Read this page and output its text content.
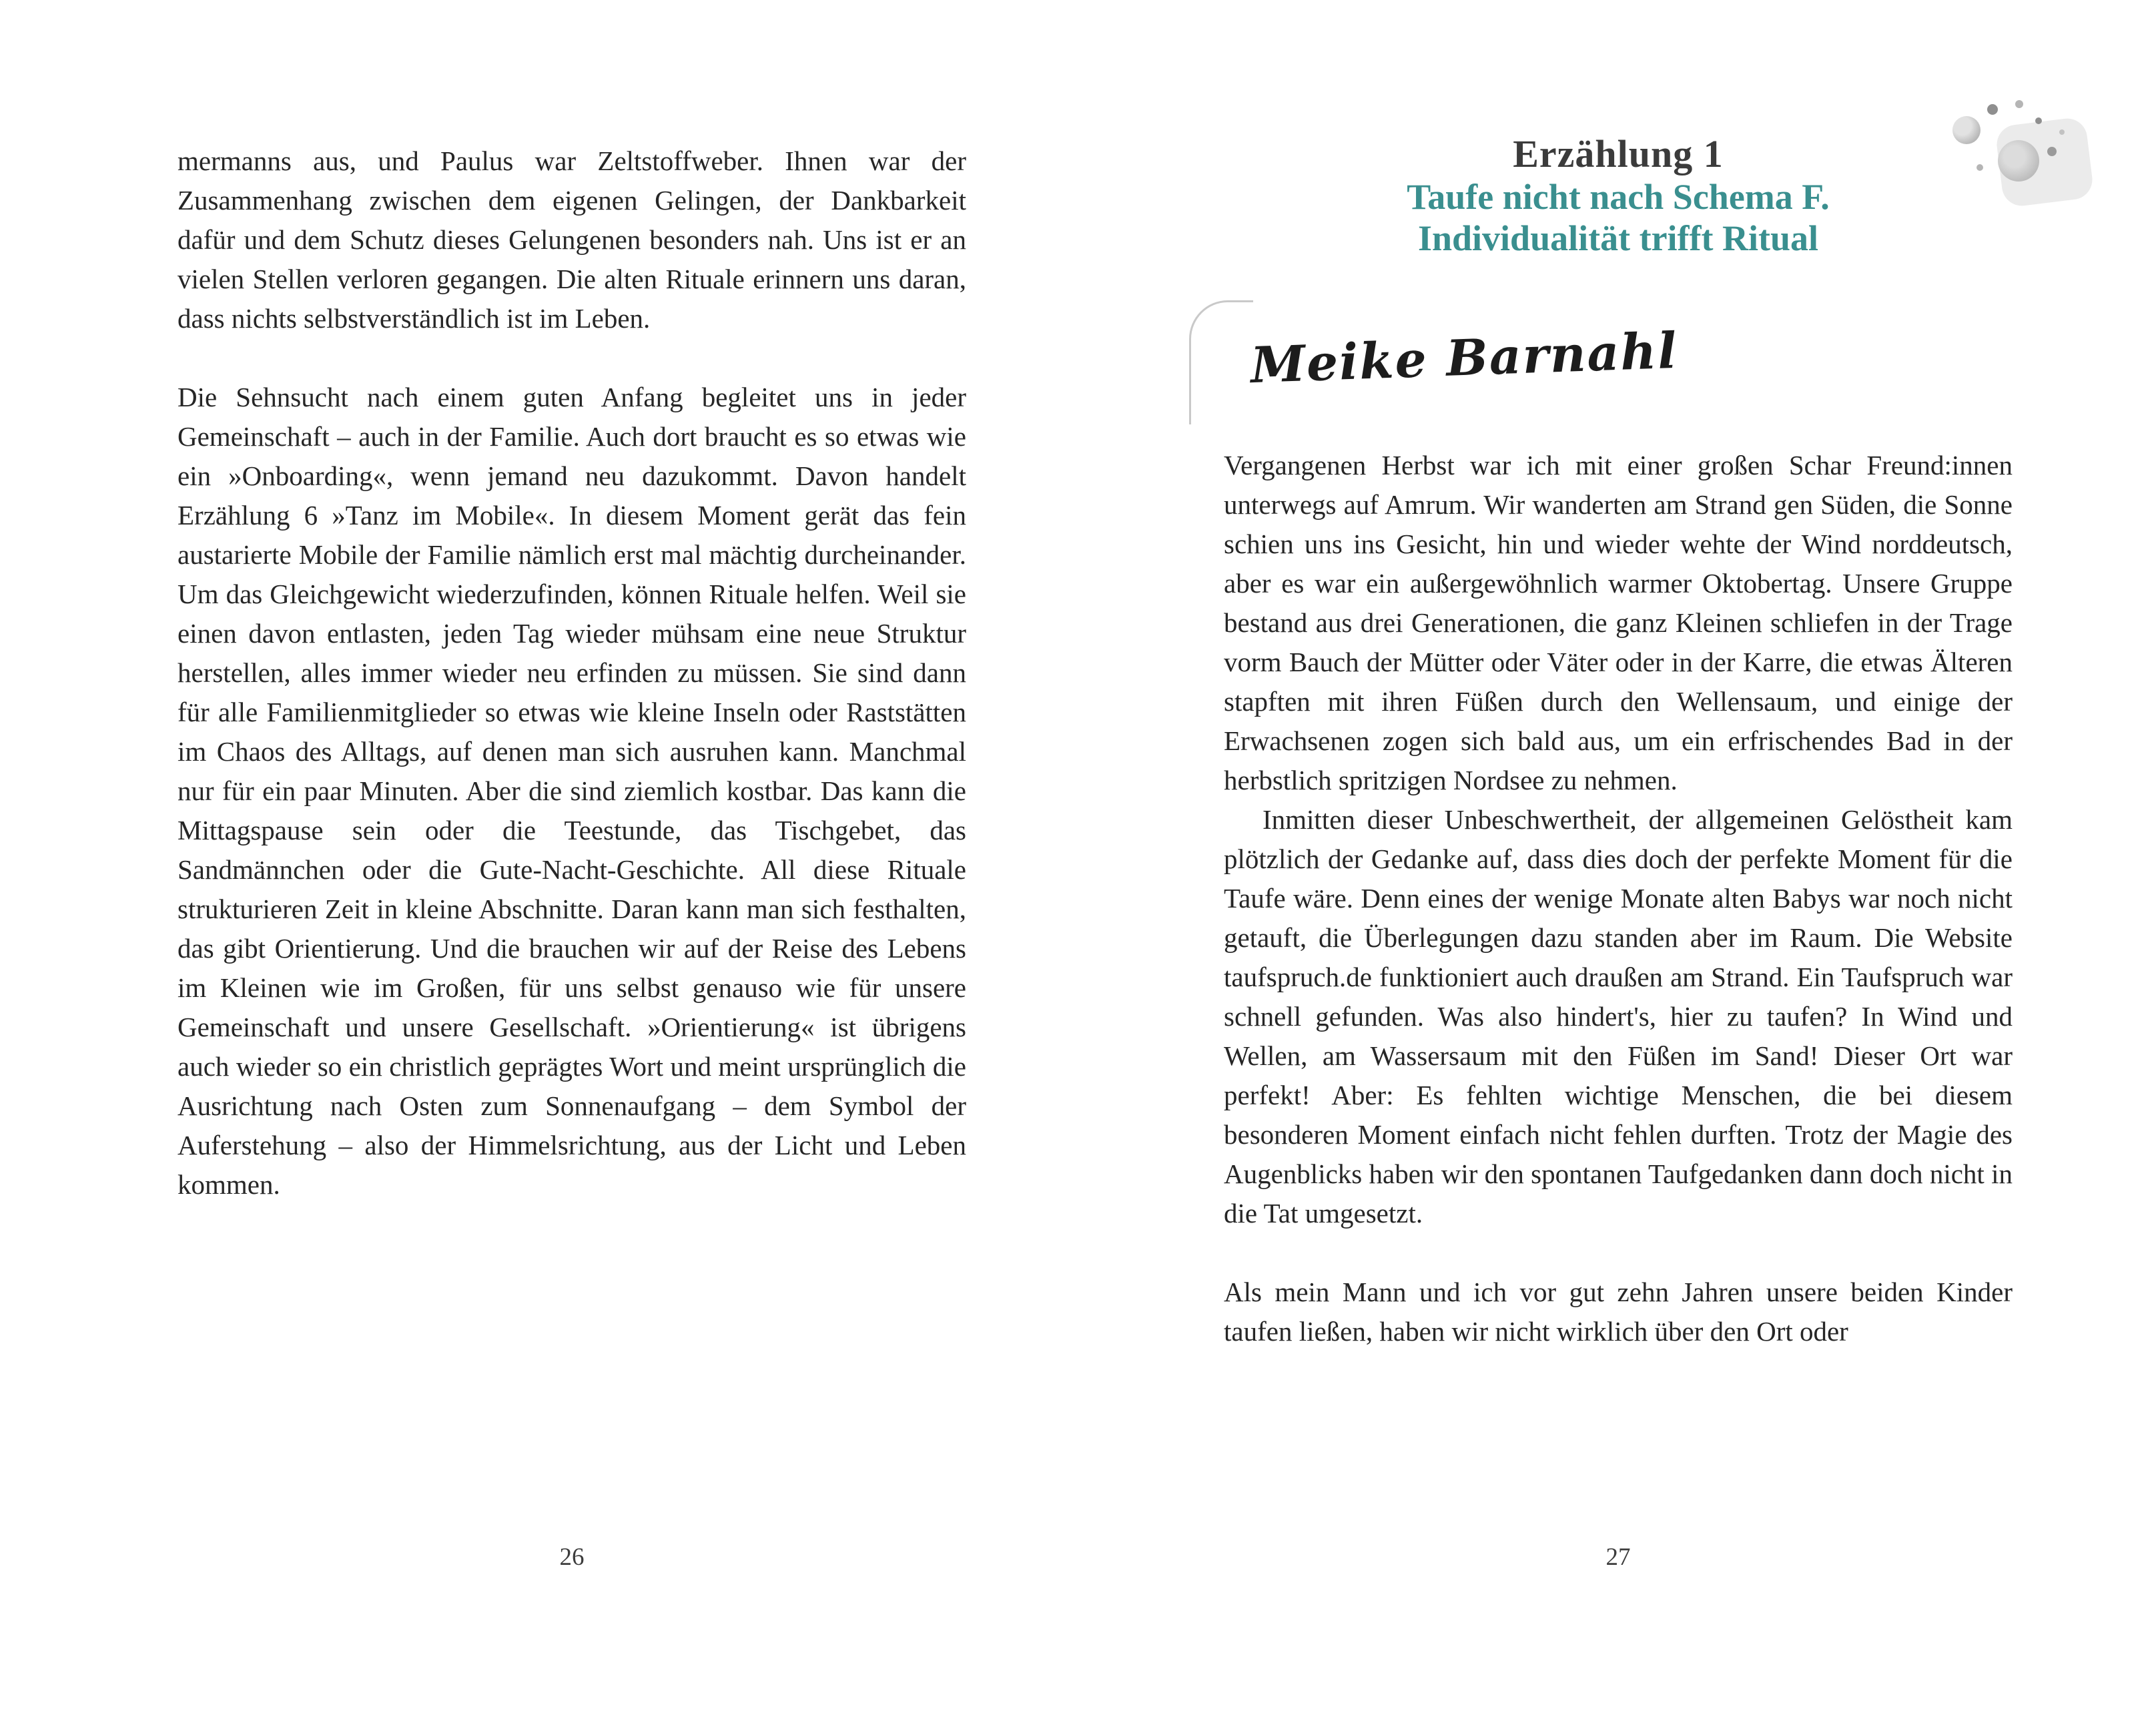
mermanns aus, und Paulus war Zeltstoffweber. Ihnen war der Zusammenhang zwischen dem eigenen Gelingen, der Dankbarkeit dafür und dem Schutz dieses Gelungenen besonders nah. Uns ist er an vielen Stellen verloren gegangen. Die alten Rituale erinnern uns daran, dass nichts selbstverständlich ist im Leben.

Die Sehnsucht nach einem guten Anfang begleitet uns in jeder Gemeinschaft – auch in der Familie. Auch dort braucht es so etwas wie ein »Onboarding«, wenn jemand neu dazukommt. Davon handelt Erzählung 6 »Tanz im Mobile«. In diesem Moment gerät das fein austarierte Mobile der Familie nämlich erst mal mächtig durcheinander. Um das Gleichgewicht wiederzufinden, können Rituale helfen. Weil sie einen davon entlasten, jeden Tag wieder mühsam eine neue Struktur herstellen, alles immer wieder neu erfinden zu müssen. Sie sind dann für alle Familienmitglieder so etwas wie kleine Inseln oder Raststätten im Chaos des Alltags, auf denen man sich ausruhen kann. Manchmal nur für ein paar Minuten. Aber die sind ziemlich kostbar. Das kann die Mittagspause sein oder die Teestunde, das Tischgebet, das Sandmännchen oder die Gute-Nacht-Geschichte. All diese Rituale strukturieren Zeit in kleine Abschnitte. Daran kann man sich festhalten, das gibt Orientierung. Und die brauchen wir auf der Reise des Lebens im Kleinen wie im Großen, für uns selbst genauso wie für unsere Gemeinschaft und unsere Gesellschaft. »Orientierung« ist übrigens auch wieder so ein christlich geprägtes Wort und meint ursprünglich die Ausrichtung nach Osten zum Sonnenaufgang – dem Symbol der Auferstehung – also der Himmelsrichtung, aus der Licht und Leben kommen.

Erzählung 1
Taufe nicht nach Schema F.
Individualität trifft Ritual
Meike Barnahl

Vergangenen Herbst war ich mit einer großen Schar Freund:innen unterwegs auf Amrum. Wir wanderten am Strand gen Süden, die Sonne schien uns ins Gesicht, hin und wieder wehte der Wind norddeutsch, aber es war ein außergewöhnlich warmer Oktobertag. Unsere Gruppe bestand aus drei Generationen, die ganz Kleinen schliefen in der Trage vorm Bauch der Mütter oder Väter oder in der Karre, die etwas Älteren stapften mit ihren Füßen durch den Wellensaum, und einige der Erwachsenen zogen sich bald aus, um ein erfrischendes Bad in der herbstlich spritzigen Nordsee zu nehmen.

Inmitten dieser Unbeschwertheit, der allgemeinen Gelöstheit kam plötzlich der Gedanke auf, dass dies doch der perfekte Moment für die Taufe wäre. Denn eines der wenige Monate alten Babys war noch nicht getauft, die Überlegungen dazu standen aber im Raum. Die Website taufspruch.de funktioniert auch draußen am Strand. Ein Taufspruch war schnell gefunden. Was also hindert's, hier zu taufen? In Wind und Wellen, am Wassersaum mit den Füßen im Sand! Dieser Ort war perfekt! Aber: Es fehlten wichtige Menschen, die bei diesem besonderen Moment einfach nicht fehlen durften. Trotz der Magie des Augenblicks haben wir den spontanen Taufgedanken dann doch nicht in die Tat umgesetzt.

Als mein Mann und ich vor gut zehn Jahren unsere beiden Kinder taufen ließen, haben wir nicht wirklich über den Ort oder

26	27
